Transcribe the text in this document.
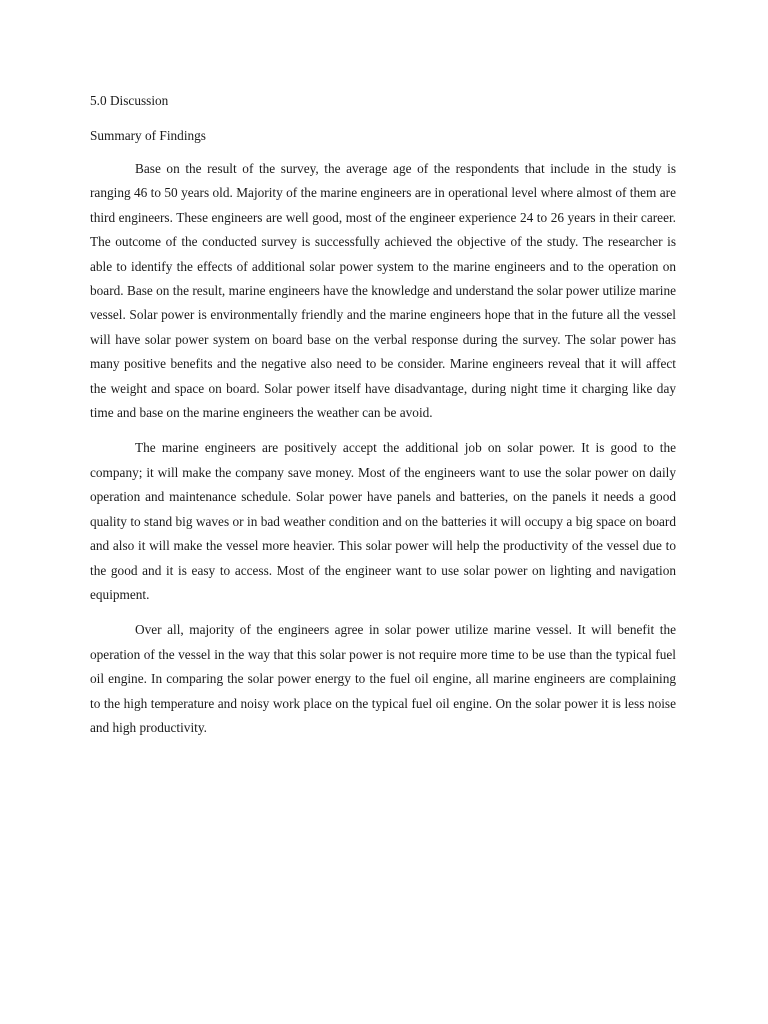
5.0 Discussion
Summary of Findings

Base on the result of the survey, the average age of the respondents that include in the study is ranging 46 to 50 years old. Majority of the marine engineers are in operational level where almost of them are third engineers. These engineers are well good, most of the engineer experience 24 to 26 years in their career. The outcome of the conducted survey is successfully achieved the objective of the study. The researcher is able to identify the effects of additional solar power system to the marine engineers and to the operation on board. Base on the result, marine engineers have the knowledge and understand the solar power utilize marine vessel. Solar power is environmentally friendly and the marine engineers hope that in the future all the vessel will have solar power system on board base on the verbal response during the survey. The solar power has many positive benefits and the negative also need to be consider. Marine engineers reveal that it will affect the weight and space on board. Solar power itself have disadvantage, during night time it charging like day time and base on the marine engineers the weather can be avoid.

The marine engineers are positively accept the additional job on solar power. It is good to the company; it will make the company save money. Most of the engineers want to use the solar power on daily operation and maintenance schedule. Solar power have panels and batteries, on the panels it needs a good quality to stand big waves or in bad weather condition and on the batteries it will occupy a big space on board and also it will make the vessel more heavier. This solar power will help the productivity of the vessel due to the good and it is easy to access. Most of the engineer want to use solar power on lighting and navigation equipment.

Over all, majority of the engineers agree in solar power utilize marine vessel. It will benefit the operation of the vessel in the way that this solar power is not require more time to be use than the typical fuel oil engine. In comparing the solar power energy to the fuel oil engine, all marine engineers are complaining to the high temperature and noisy work place on the typical fuel oil engine. On the solar power it is less noise and high productivity.
